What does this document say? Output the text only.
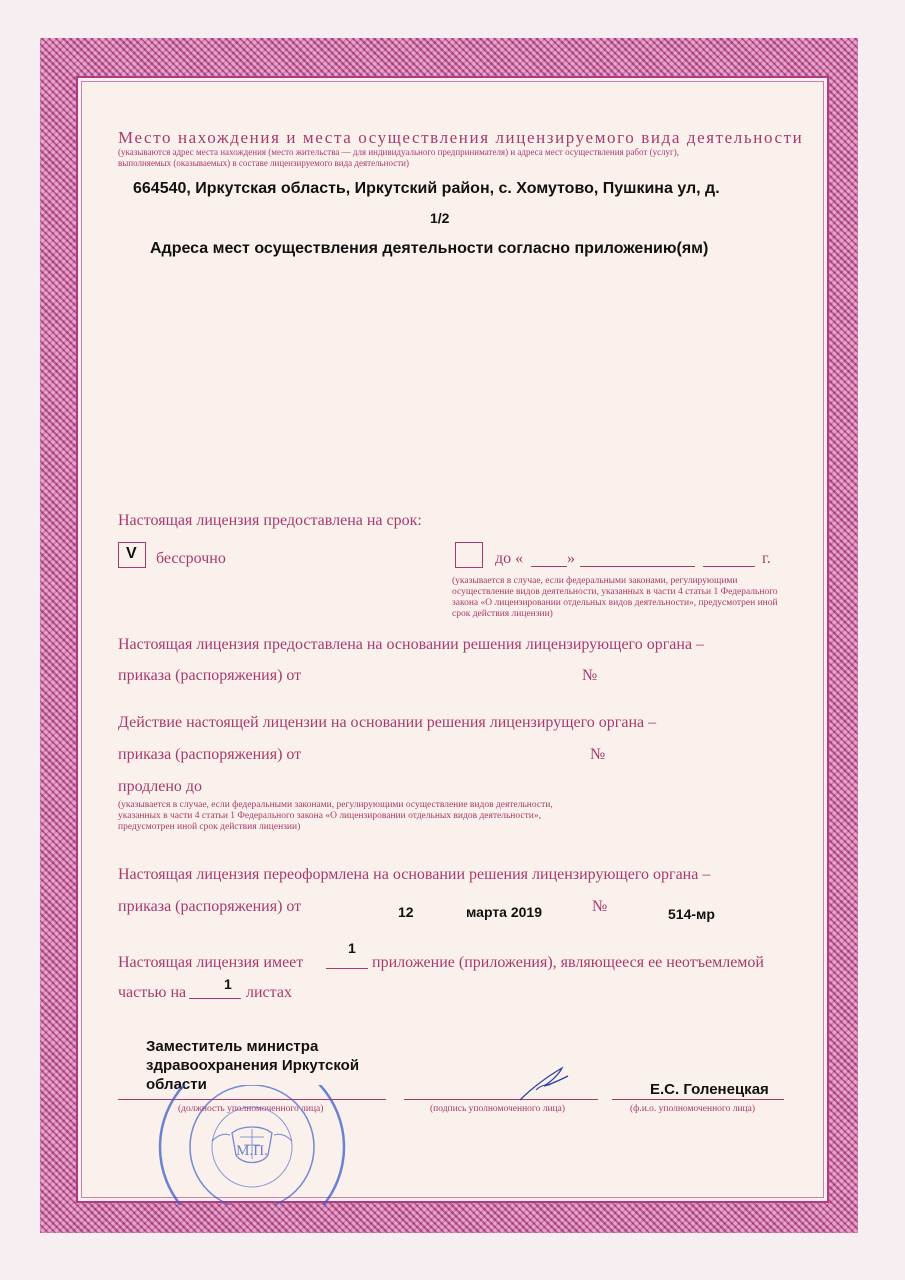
Место нахождения и места осуществления лицензируемого вида деятельности
(указываются адрес места нахождения (место жительства — для индивидуального предпринимателя) и адреса мест осуществления работ (услуг),
выполняемых (оказываемых) в составе лицензируемого вида деятельности)
664540, Иркутская область, Иркутский район, с. Хомутово, Пушкина ул, д.
1/2
Адреса мест осуществления деятельности согласно приложению(ям)
Настоящая лицензия предоставлена на срок:
V бессрочно	до «	»	г.
(указывается в случае, если федеральными законами, регулирующими осуществление видов деятельности, указанных в части 4 статьи 1 Федерального закона «О лицензировании отдельных видов деятельности», предусмотрен иной срок действия лицензии)
Настоящая лицензия предоставлена на основании решения лицензирующего органа –
приказа (распоряжения) от	№
Действие настоящей лицензии на основании решения лицензирущего органа –
приказа (распоряжения) от	№
продлено до
(указывается в случае, если федеральными законами, регулирующими осуществление видов деятельности, указанных в части 4 статьи 1 Федерального закона «О лицензировании отдельных видов деятельности», предусмотрен иной срок действия лицензии)
Настоящая лицензия переоформлена на основании решения лицензирующего органа –
приказа (распоряжения) от	12	марта 2019	№	514-мр
Настоящая лицензия имеет
1
приложение (приложения), являющееся ее неотъемлемой
частью на	1 листах
Заместитель министра
здравоохранения Иркутской
области
(должность уполномоченного лица)	(подпись уполномоченного лица)
Е.С. Голенецкая
(ф.и.о. уполномоченного лица)
М.П.
